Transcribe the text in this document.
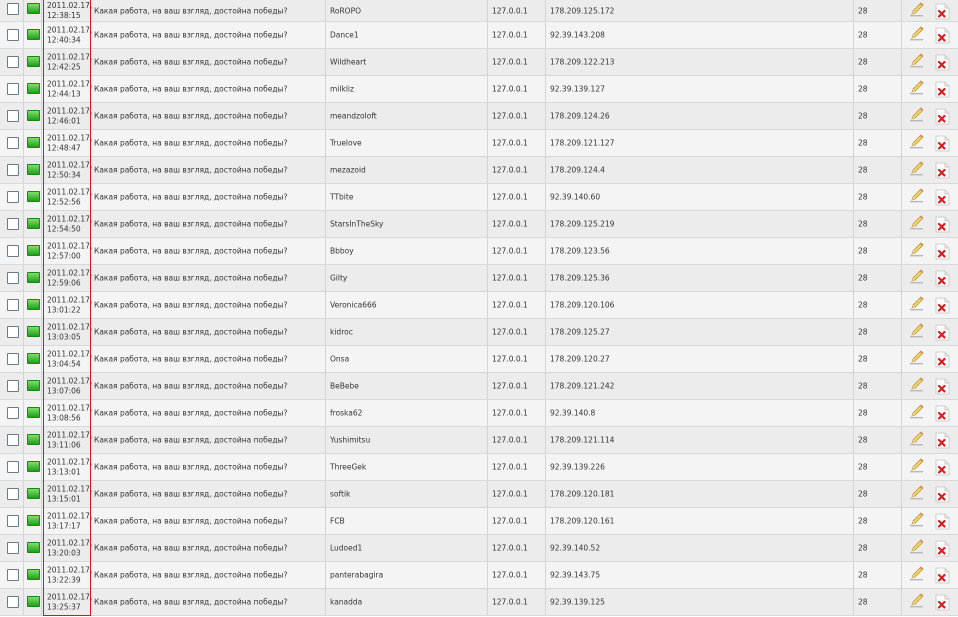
2011.02.17,
12:38:15	Какая работа, на ваш взгляд, достойна победы?	RoROPO	127.0.0.1	178.209.125.172	28
2011.02.17,
12:40:34	Какая работа, на ваш взгляд, достойна победы?	Dance1	127.0.0.1	92.39.143.208	28
2011.02.17,
12:42:25	Какая работа, на ваш взгляд, достойна победы?	Wildheart	127.0.0.1	178.209.122.213	28
2011.02.17,
12:44:13	Какая работа, на ваш взгляд, достойна победы?	milkliz	127.0.0.1	92.39.139.127	28
2011.02.17,
12:46:01	Какая работа, на ваш взгляд, достойна победы?	meandzoloft	127.0.0.1	178.209.124.26	28
2011.02.17,
12:48:47	Какая работа, на ваш взгляд, достойна победы?	Truelove	127.0.0.1	178.209.121.127	28
2011.02.17,
12:50:34	Какая работа, на ваш взгляд, достойна победы?	mezazoid	127.0.0.1	178.209.124.4	28
2011.02.17,
12:52:56	Какая работа, на ваш взгляд, достойна победы?	TTbite	127.0.0.1	92.39.140.60	28
2011.02.17,
12:54:50	Какая работа, на ваш взгляд, достойна победы?	StarsInTheSky	127.0.0.1	178.209.125.219	28
2011.02.17,
12:57:00	Какая работа, на ваш взгляд, достойна победы?	Bbboy	127.0.0.1	178.209.123.56	28
2011.02.17,
12:59:06	Какая работа, на ваш взгляд, достойна победы?	Gilty	127.0.0.1	178.209.125.36	28
2011.02.17,
13:01:22	Какая работа, на ваш взгляд, достойна победы?	Veronica666	127.0.0.1	178.209.120.106	28
2011.02.17,
13:03:05	Какая работа, на ваш взгляд, достойна победы?	kidroc	127.0.0.1	178.209.125.27	28
2011.02.17,
13:04:54	Какая работа, на ваш взгляд, достойна победы?	Onsa	127.0.0.1	178.209.120.27	28
2011.02.17,
13:07:06	Какая работа, на ваш взгляд, достойна победы?	BeBebe	127.0.0.1	178.209.121.242	28
2011.02.17,
13:08:56	Какая работа, на ваш взгляд, достойна победы?	froska62	127.0.0.1	92.39.140.8	28
2011.02.17,
13:11:06	Какая работа, на ваш взгляд, достойна победы?	Yushimitsu	127.0.0.1	178.209.121.114	28
2011.02.17,
13:13:01	Какая работа, на ваш взгляд, достойна победы?	ThreeGek	127.0.0.1	92.39.139.226	28
2011.02.17,
13:15:01	Какая работа, на ваш взгляд, достойна победы?	softik	127.0.0.1	178.209.120.181	28
2011.02.17,
13:17:17	Какая работа, на ваш взгляд, достойна победы?	FCB	127.0.0.1	178.209.120.161	28
2011.02.17,
13:20:03	Какая работа, на ваш взгляд, достойна победы?	Ludoed1	127.0.0.1	92.39.140.52	28
2011.02.17,
13:22:39	Какая работа, на ваш взгляд, достойна победы?	panterabagira	127.0.0.1	92.39.143.75	28
2011.02.17,
13:25:37	Какая работа, на ваш взгляд, достойна победы?	kanadda	127.0.0.1	92.39.139.125	28
